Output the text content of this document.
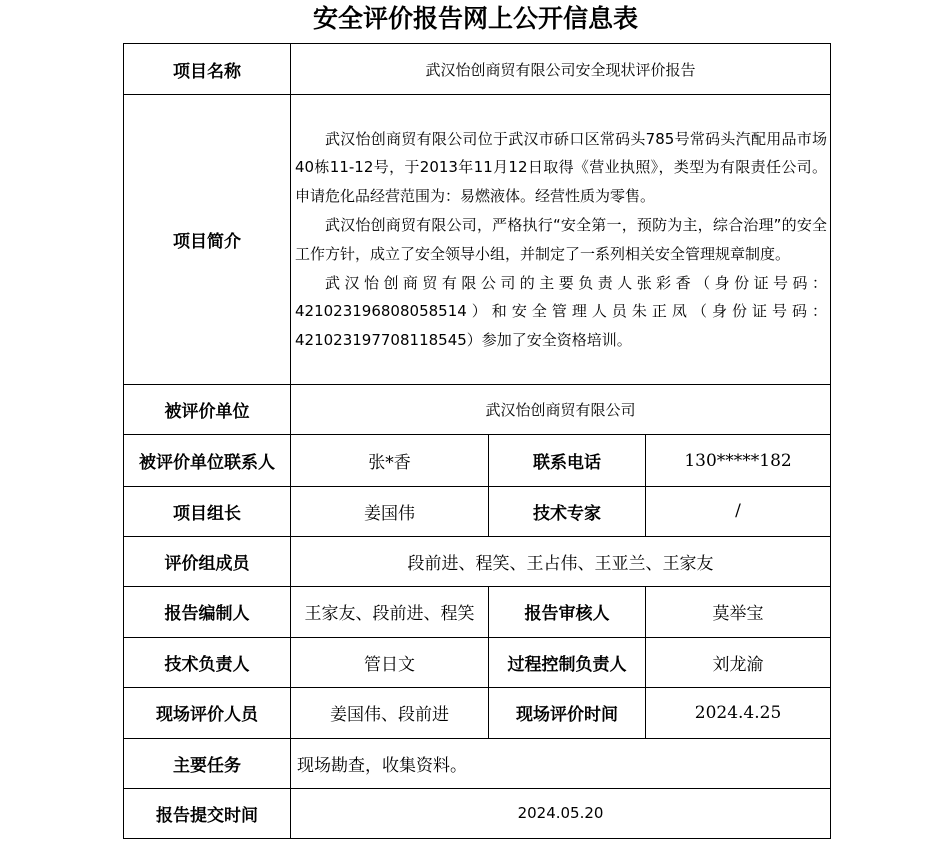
安全评价报告网上公开信息表
项目名称	武汉怡创商贸有限公司安全现状评价报告		
项目简介	武汉怡创商贸有限公司位于武汉市硚口区常码头785号常码头汽配用品市场40栋11-12号，于2013年11月12日取得《营业执照》，类型为有限责任公司。申请危化品经营范围为：易燃液体。经营性质为零售。

武汉怡创商贸有限公司，严格执行“安全第一，预防为主，综合治理”的安全工作方针，成立了安全领导小组，并制定了一系列相关安全管理规章制度。

武汉怡创商贸有限公司的主要负责人张彩香（身份证号码：421023196808058514）和安全管理人员朱正凤（身份证号码：421023197708118545）参加了安全资格培训。		

被评价单位	武汉怡创商贸有限公司		
被评价单位联系人	张*香	联系电话	130*****182
项目组长	姜国伟	技术专家	/
评价组成员	段前进、程笑、王占伟、王亚兰、王家友		
报告编制人	王家友、段前进、程笑	报告审核人	莫举宝
技术负责人	管日文	过程控制负责人	刘龙渝
现场评价人员	姜国伟、段前进	现场评价时间	2024.4.25
主要任务	现场勘查，收集资料。		
报告提交时间	2024.05.20		
